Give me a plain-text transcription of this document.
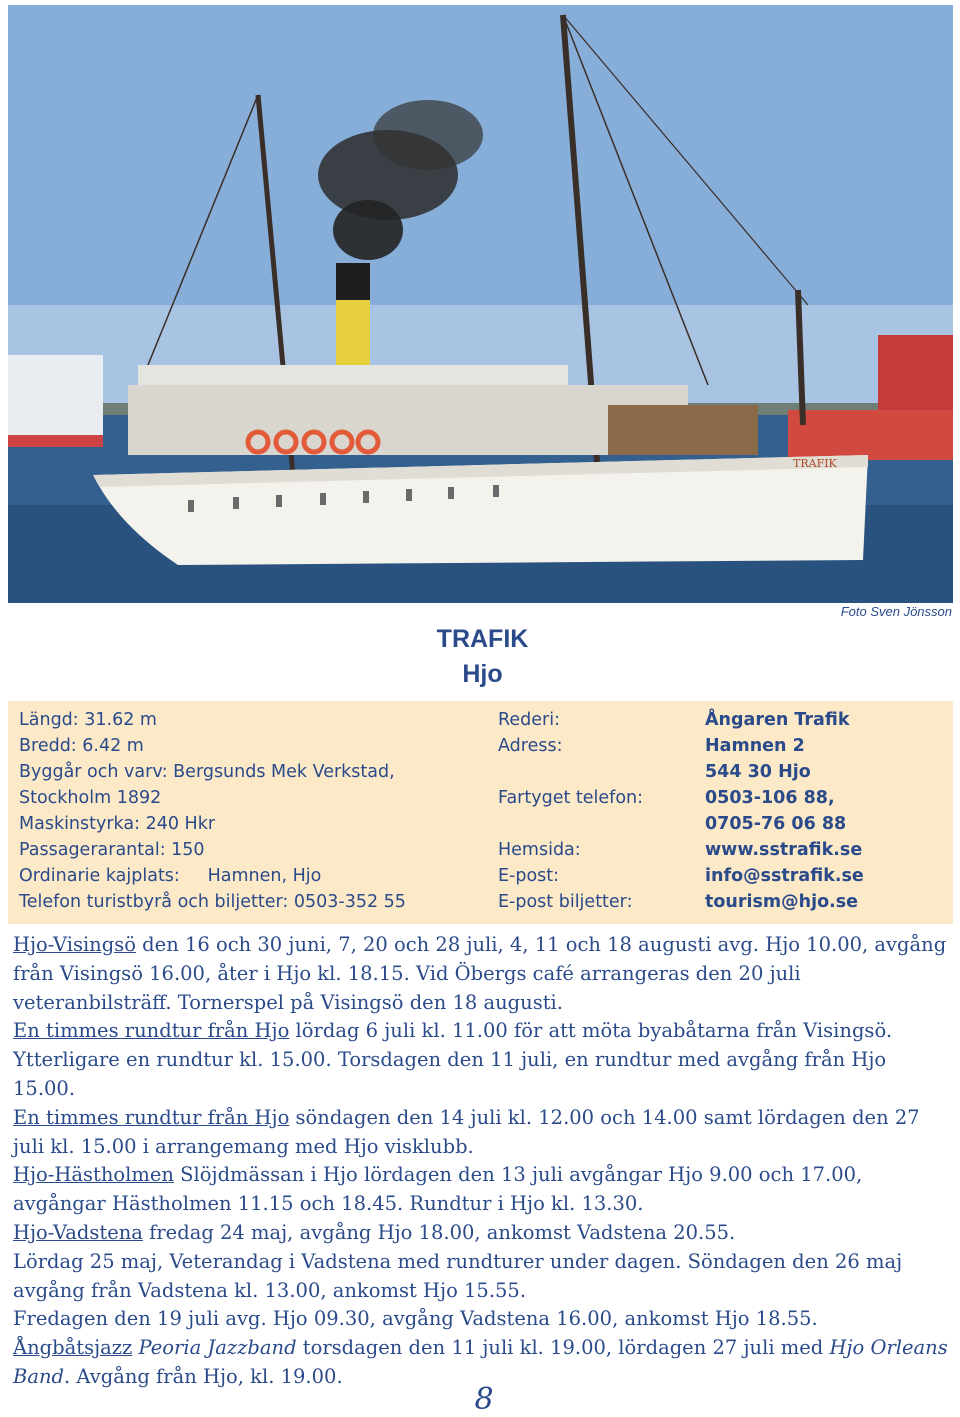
TRAFIK
Foto Sven Jönsson
TRAFIK
Hjo
Längd: 31.62 m
Bredd: 6.42 m
Byggår och varv: Bergsunds Mek Verkstad,
Stockholm 1892
Maskinstyrka: 240 Hkr
Passagerarantal: 150
Ordinarie kajplats:     Hamnen, Hjo
Telefon turistbyrå och biljetter: 0503-352 55
Rederi:
Adress:
Fartyget telefon:
Hemsida:
E-post:
E-post biljetter:
Ångaren Trafik
Hamnen 2
544 30 Hjo
0503-106 88,
0705-76 06 88
www.sstrafik.se
info@sstrafik.se
tourism@hjo.se

Hjo-Visingsö den 16 och 30 juni, 7, 20 och 28 juli, 4, 11 och 18 augusti avg. Hjo 10.00, avgång från Visingsö 16.00, åter i Hjo kl. 18.15. Vid Öbergs café arrangeras den 20 juli veteranbilsträff. Tornerspel på Visingsö den 18 augusti.

En timmes rundtur från Hjo lördag 6 juli kl. 11.00 för att möta byabåtarna från Visingsö. Ytterligare en rundtur kl. 15.00. Torsdagen den 11 juli, en rundtur med avgång från Hjo 15.00.

En timmes rundtur från Hjo söndagen den 14 juli kl. 12.00 och 14.00 samt lördagen den 27 juli kl. 15.00 i arrangemang med Hjo visklubb.

Hjo-Hästholmen Slöjdmässan i Hjo lördagen den 13 juli avgångar Hjo 9.00 och 17.00, avgångar Hästholmen 11.15 och 18.45. Rundtur i Hjo kl. 13.30.

Hjo-Vadstena fredag 24 maj, avgång Hjo 18.00, ankomst Vadstena 20.55.

Lördag 25 maj, Veterandag i Vadstena med rundturer under dagen. Söndagen den 26 maj avgång från Vadstena kl. 13.00, ankomst Hjo 15.55.

Fredagen den 19 juli avg. Hjo 09.30, avgång Vadstena 16.00, ankomst Hjo 18.55.

Ångbåtsjazz Peoria Jazzband torsdagen den 11 juli kl. 19.00, lördagen 27 juli med Hjo Orleans Band. Avgång från Hjo, kl. 19.00.

8
